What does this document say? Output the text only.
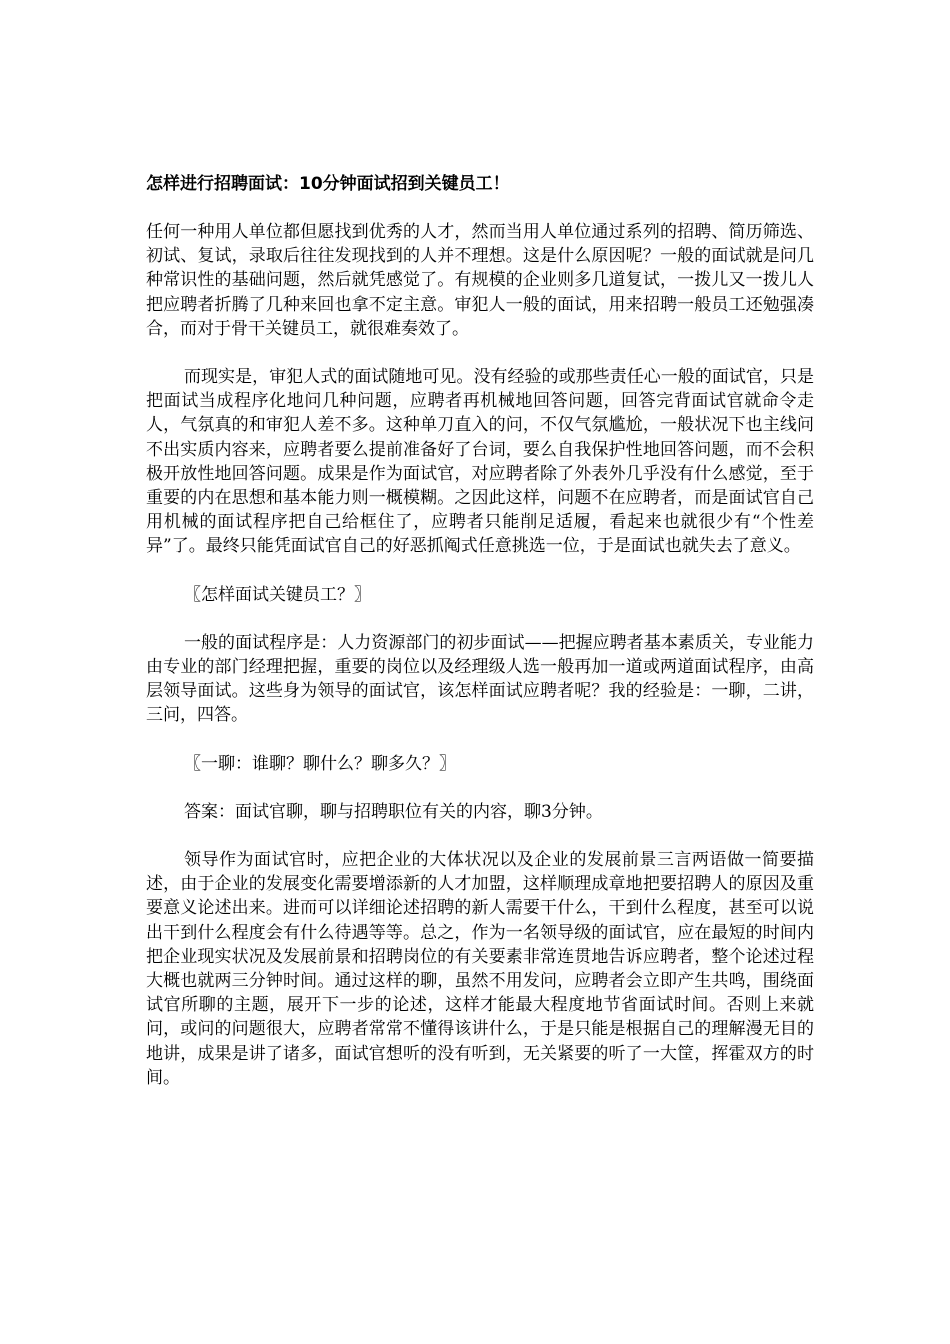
怎样进行招聘面试：10分钟面试招到关键员工！

任何一种用人单位都但愿找到优秀的人才，然而当用人单位通过系列的招聘、简历筛选、初试、复试，录取后往往发现找到的人并不理想。这是什么原因呢？一般的面试就是问几种常识性的基础问题，然后就凭感觉了。有规模的企业则多几道复试，一拨儿又一拨儿人把应聘者折腾了几种来回也拿不定主意。审犯人一般的面试，用来招聘一般员工还勉强凑合，而对于骨干关键员工，就很难奏效了。

而现实是，审犯人式的面试随地可见。没有经验的或那些责任心一般的面试官，只是把面试当成程序化地问几种问题，应聘者再机械地回答问题，回答完背面试官就命令走人，气氛真的和审犯人差不多。这种单刀直入的问，不仅气氛尴尬，一般状况下也主线问不出实质内容来，应聘者要么提前准备好了台词，要么自我保护性地回答问题，而不会积极开放性地回答问题。成果是作为面试官，对应聘者除了外表外几乎没有什么感觉，至于重要的内在思想和基本能力则一概模糊。之因此这样，问题不在应聘者，而是面试官自己用机械的面试程序把自己给框住了，应聘者只能削足适履，看起来也就很少有“个性差异”了。最终只能凭面试官自己的好恶抓阄式任意挑选一位，于是面试也就失去了意义。

〖怎样面试关键员工？〗

一般的面试程序是：人力资源部门的初步面试——把握应聘者基本素质关，专业能力由专业的部门经理把握，重要的岗位以及经理级人选一般再加一道或两道面试程序，由高层领导面试。这些身为领导的面试官，该怎样面试应聘者呢？我的经验是：一聊，二讲，三问，四答。

〖一聊：谁聊？聊什么？聊多久？〗

答案：面试官聊，聊与招聘职位有关的内容，聊3分钟。

领导作为面试官时，应把企业的大体状况以及企业的发展前景三言两语做一简要描述，由于企业的发展变化需要增添新的人才加盟，这样顺理成章地把要招聘人的原因及重要意义论述出来。进而可以详细论述招聘的新人需要干什么，干到什么程度，甚至可以说出干到什么程度会有什么待遇等等。总之，作为一名领导级的面试官，应在最短的时间内把企业现实状况及发展前景和招聘岗位的有关要素非常连贯地告诉应聘者，整个论述过程大概也就两三分钟时间。通过这样的聊，虽然不用发问，应聘者会立即产生共鸣，围绕面试官所聊的主题，展开下一步的论述，这样才能最大程度地节省面试时间。否则上来就问，或问的问题很大，应聘者常常不懂得该讲什么，于是只能是根据自己的理解漫无目的地讲，成果是讲了诸多，面试官想听的没有听到，无关紧要的听了一大筐，挥霍双方的时间。
